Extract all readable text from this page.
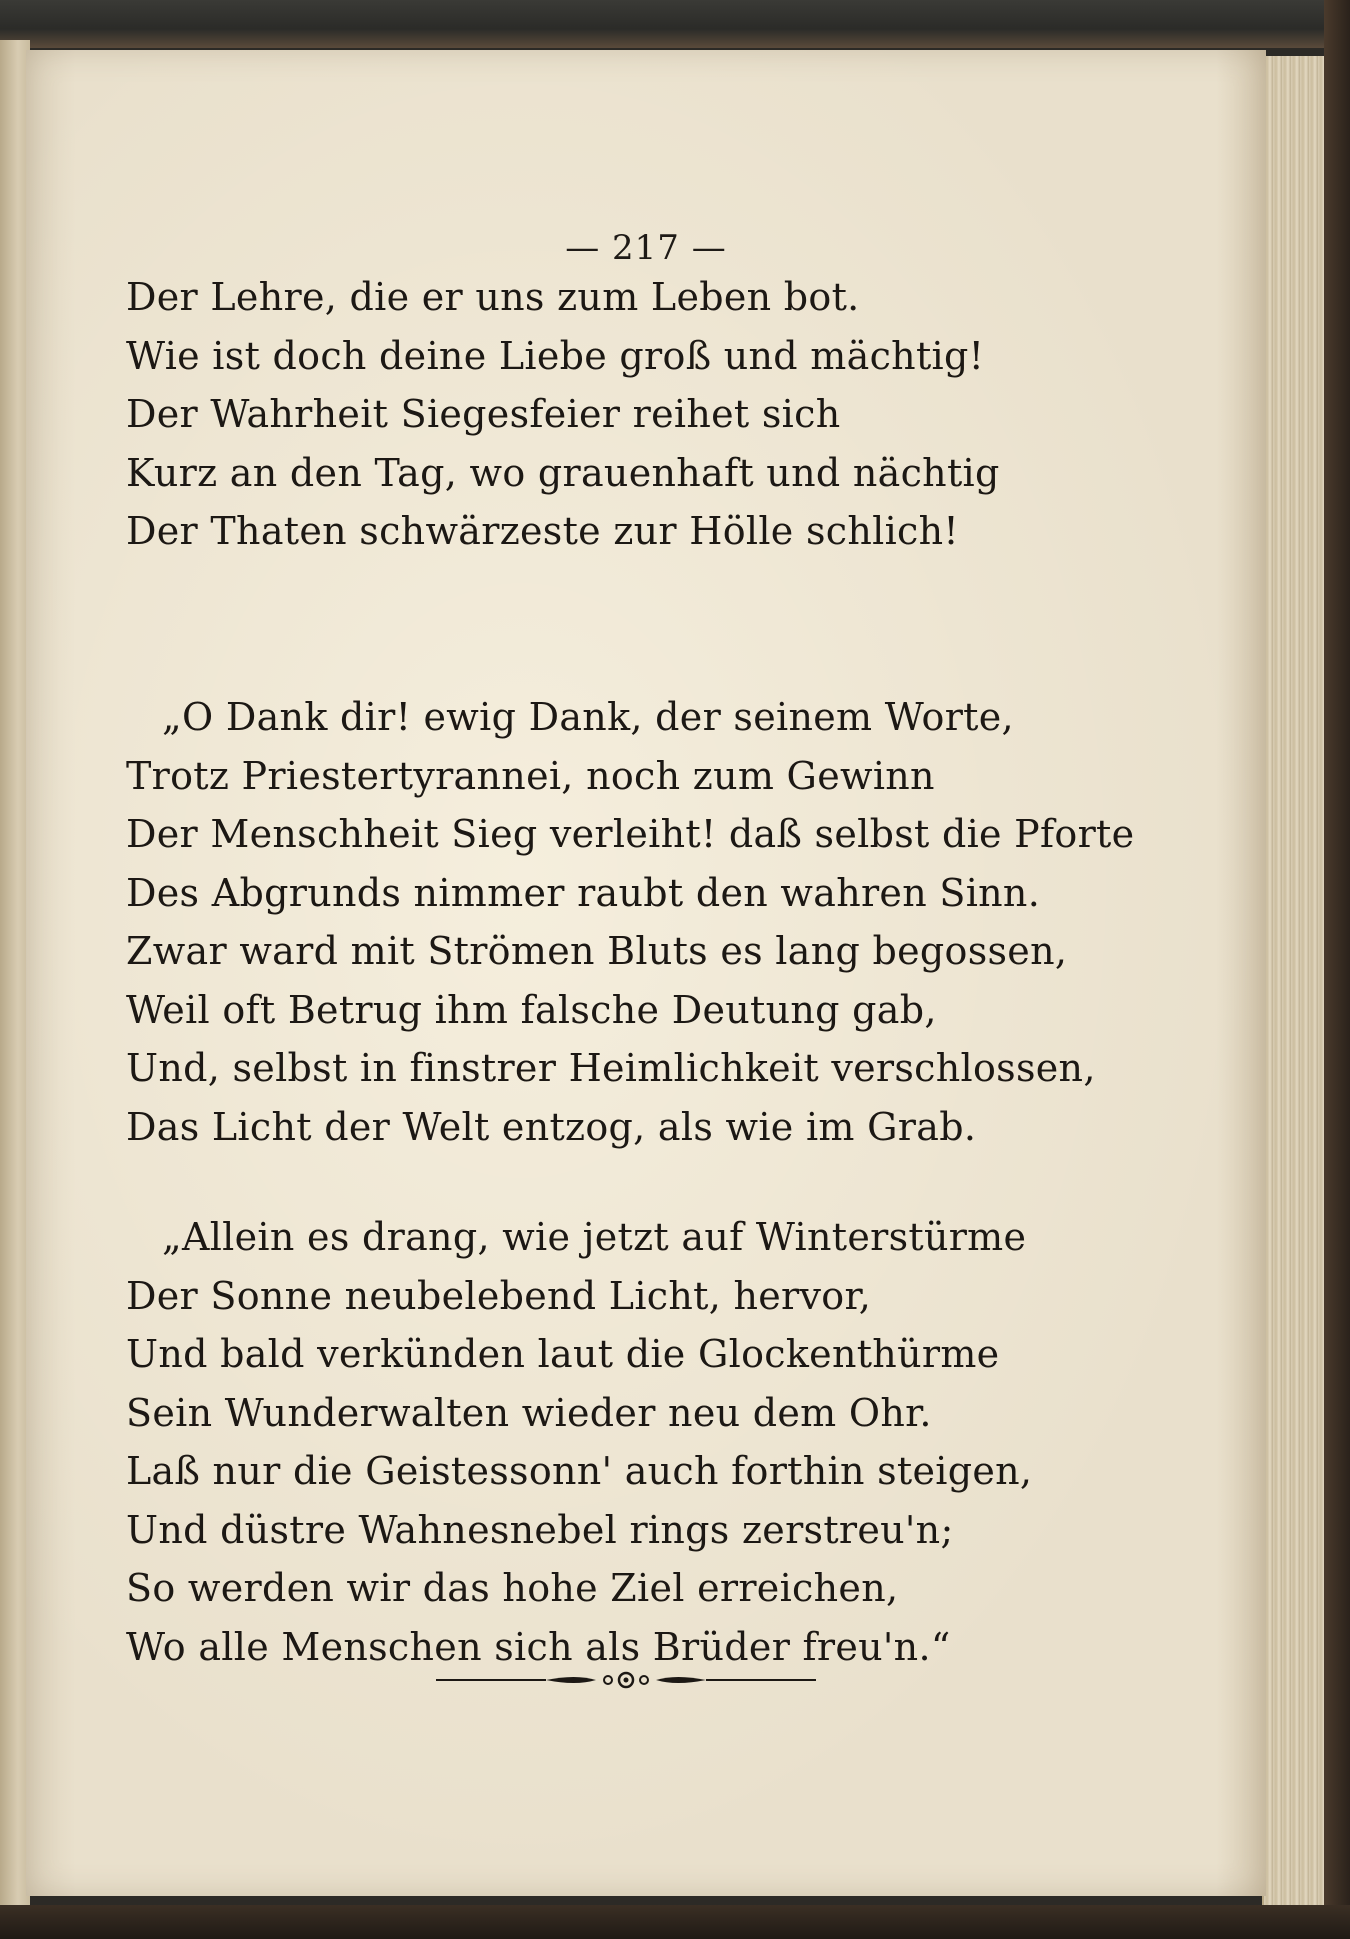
— 217 —
Der Lehre, die er uns zum Leben bot.
Wie ist doch deine Liebe groß und mächtig!
Der Wahrheit Siegesfeier reihet sich
Kurz an den Tag, wo grauenhaft und nächtig
Der Thaten schwärzeste zur Hölle schlich!
„O Dank dir! ewig Dank, der seinem Worte,
Trotz Priestertyrannei, noch zum Gewinn
Der Menschheit Sieg verleiht! daß selbst die Pforte
Des Abgrunds nimmer raubt den wahren Sinn.
Zwar ward mit Strömen Bluts es lang begossen,
Weil oft Betrug ihm falsche Deutung gab,
Und, selbst in finstrer Heimlichkeit verschlossen,
Das Licht der Welt entzog, als wie im Grab.
„Allein es drang, wie jetzt auf Winterstürme
Der Sonne neubelebend Licht, hervor,
Und bald verkünden laut die Glockenthürme
Sein Wunderwalten wieder neu dem Ohr.
Laß nur die Geistessonn' auch forthin steigen,
Und düstre Wahnesnebel rings zerstreu'n;
So werden wir das hohe Ziel erreichen,
Wo alle Menschen sich als Brüder freu'n.“
